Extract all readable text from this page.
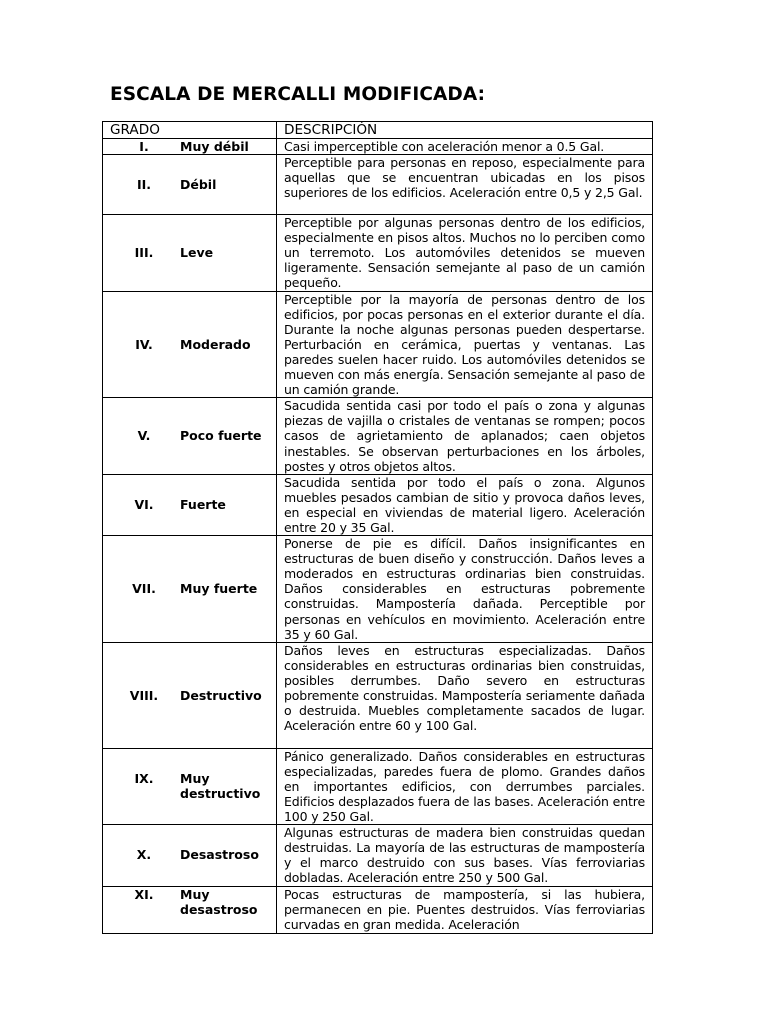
ESCALA DE MERCALLI MODIFICADA:
GRADO	DESCRIPCIÓN

I. Muy débil	Casi imperceptible con aceleración menor a 0.5 Gal.

II. Débil	Perceptible para personas en reposo, especialmente para aquellas que se encuentran ubicadas en los pisos superiores de los edificios. Aceleración entre 0,5 y 2,5 Gal.

III. Leve	Perceptible por algunas personas dentro de los edificios, especialmente en pisos altos. Muchos no lo perciben como un terremoto. Los automóviles detenidos se mueven ligeramente. Sensación semejante al paso de un camión pequeño.

IV. Moderado	Perceptible por la mayoría de personas dentro de los edificios, por pocas personas en el exterior durante el día. Durante la noche algunas personas pueden despertarse. Perturbación en cerámica, puertas y ventanas. Las paredes suelen hacer ruido. Los automóviles detenidos se mueven con más energía. Sensación semejante al paso de un camión grande.

V. Poco fuerte	Sacudida sentida casi por todo el país o zona y algunas piezas de vajilla o cristales de ventanas se rompen; pocos casos de agrietamiento de aplanados; caen objetos inestables. Se observan perturbaciones en los árboles, postes y otros objetos altos.

VI. Fuerte	Sacudida sentida por todo el país o zona. Algunos muebles pesados cambian de sitio y provoca daños leves, en especial en viviendas de material ligero. Aceleración entre 20 y 35 Gal.

VII. Muy fuerte	Ponerse de pie es difícil. Daños insignificantes en estructuras de buen diseño y construcción. Daños leves a moderados en estructuras ordinarias bien construidas. Daños considerables en estructuras pobremente construidas. Mampostería dañada. Perceptible por personas en vehículos en movimiento. Aceleración entre 35 y 60 Gal.

VIII. Destructivo	Daños leves en estructuras especializadas. Daños considerables en estructuras ordinarias bien construidas, posibles derrumbes. Daño severo en estructuras pobremente construidas. Mampostería seriamente dañada o destruida. Muebles completamente sacados de lugar. Aceleración entre 60 y 100 Gal.

IX. Muy destructivo	Pánico generalizado. Daños considerables en estructuras especializadas, paredes fuera de plomo. Grandes daños en importantes edificios, con derrumbes parciales. Edificios desplazados fuera de las bases. Aceleración entre 100 y 250 Gal.

X. Desastroso	Algunas estructuras de madera bien construidas quedan destruidas. La mayoría de las estructuras de mampostería y el marco destruido con sus bases. Vías ferroviarias dobladas. Aceleración entre 250 y 500 Gal.

XI. Muy desastroso	Pocas estructuras de mampostería, si las hubiera, permanecen en pie. Puentes destruidos. Vías ferroviarias curvadas en gran medida. Aceleración
